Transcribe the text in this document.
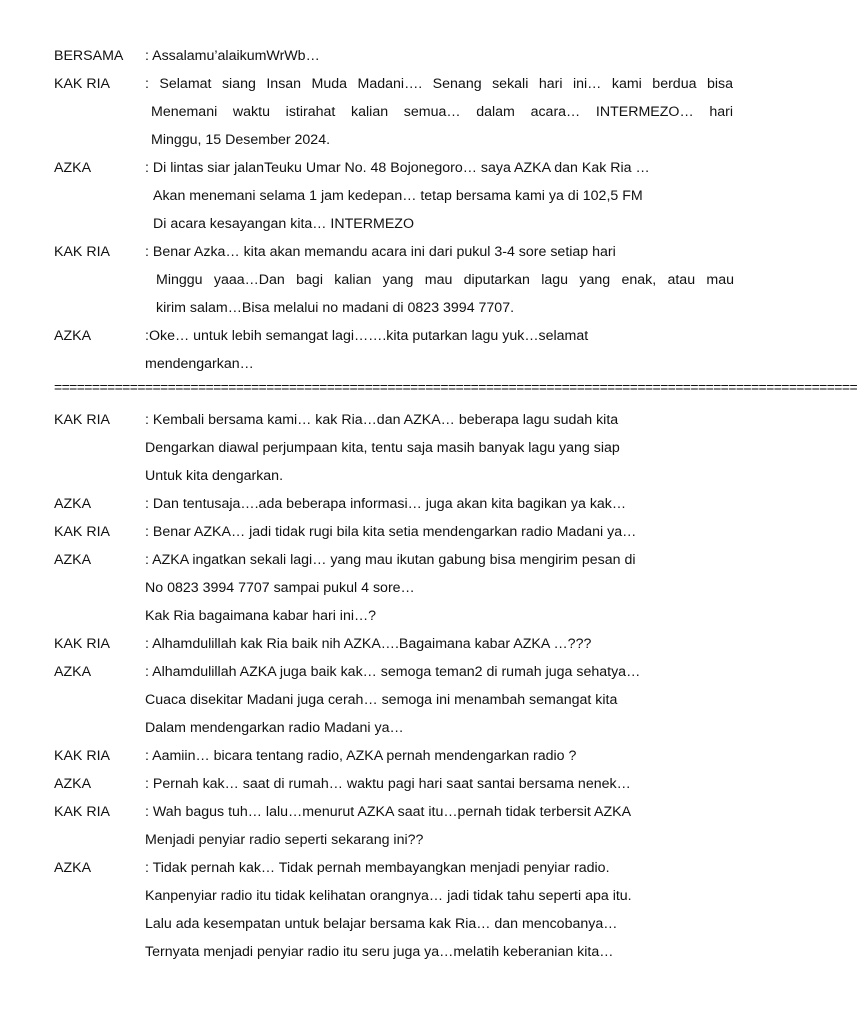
BERSAMA : Assalamu’alaikumWrWb…
KAK RIA : Selamat siang Insan Muda Madani…. Senang sekali hari ini… kami berdua bisa
Menemani waktu istirahat kalian semua… dalam acara… INTERMEZO… hari
Minggu, 15 Desember 2024.
AZKA	: Di lintas siar jalanTeuku Umar No. 48 Bojonegoro… saya AZKA dan Kak Ria …
Akan menemani selama 1 jam kedepan… tetap bersama kami ya di 102,5 FM
Di acara kesayangan kita… INTERMEZO
KAK RIA : Benar Azka… kita akan memandu acara ini dari pukul 3-4 sore setiap hari
Minggu yaaa…Dan bagi kalian yang mau diputarkan lagu yang enak, atau mau
kirim salam…Bisa melalui no madani di 0823 3994 7707.
AZKA	:Oke… untuk lebih semangat lagi…….kita putarkan lagu yuk…selamat
mendengarkan…
==========================================================================================================
KAK RIA : Kembali bersama kami… kak Ria…dan AZKA… beberapa lagu sudah kita
Dengarkan diawal perjumpaan kita, tentu saja masih banyak lagu yang siap
Untuk kita dengarkan.
AZKA	: Dan tentusaja….ada beberapa informasi… juga akan kita bagikan ya kak…
KAK RIA : Benar AZKA… jadi tidak rugi bila kita setia mendengarkan radio Madani ya…
AZKA	: AZKA ingatkan sekali lagi… yang mau ikutan gabung bisa mengirim pesan di
No 0823 3994 7707 sampai pukul 4 sore…
Kak Ria bagaimana kabar hari ini…?
KAK RIA : Alhamdulillah kak Ria baik nih AZKA….Bagaimana kabar AZKA …???
AZKA	: Alhamdulillah AZKA juga baik kak… semoga teman2 di rumah juga sehatya…
Cuaca disekitar Madani juga cerah… semoga ini menambah semangat kita
Dalam mendengarkan radio Madani ya…
KAK RIA : Aamiin… bicara tentang radio, AZKA pernah mendengarkan radio ?
AZKA	: Pernah kak… saat di rumah… waktu pagi hari saat santai bersama nenek…
KAK RIA : Wah bagus tuh… lalu…menurut AZKA saat itu…pernah tidak terbersit AZKA
Menjadi penyiar radio seperti sekarang ini??
AZKA	: Tidak pernah kak… Tidak pernah membayangkan menjadi penyiar radio.
Kanpenyiar radio itu tidak kelihatan orangnya… jadi tidak tahu seperti apa itu.
Lalu ada kesempatan untuk belajar bersama kak Ria… dan mencobanya…
Ternyata menjadi penyiar radio itu seru juga ya…melatih keberanian kita…
